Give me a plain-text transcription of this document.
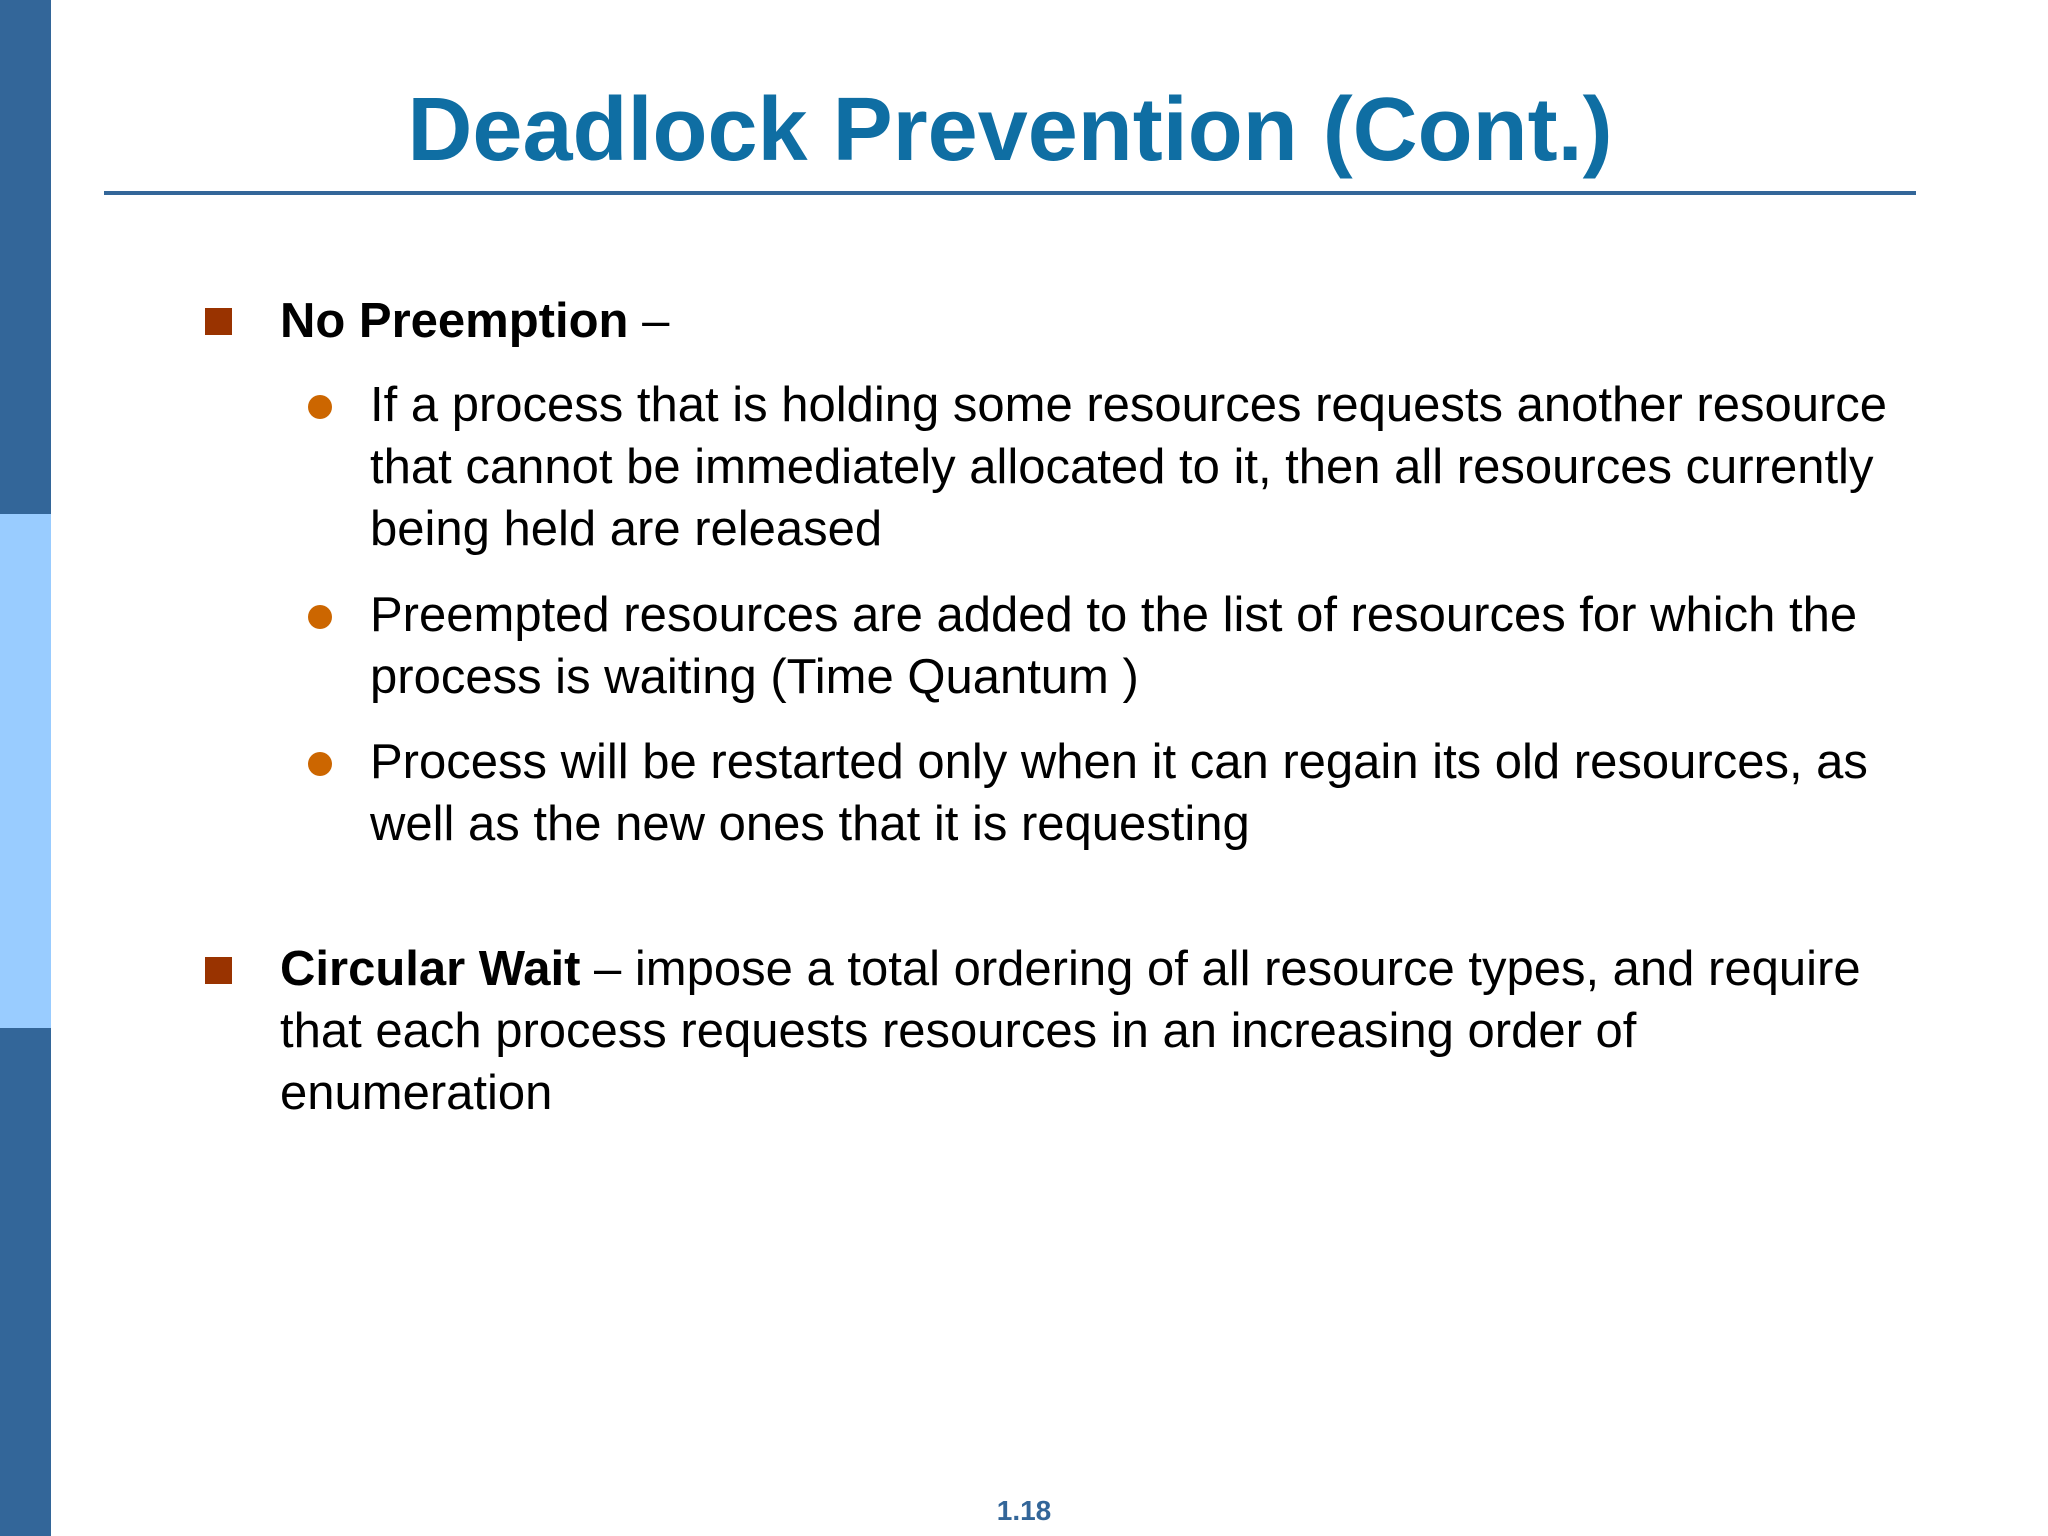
Deadlock Prevention (Cont.)
No Preemption –
If a process that is holding some resources requests another resource that cannot be immediately allocated to it, then all resources currently being held are released
Preempted resources are added to the list of resources for which the process is waiting (Time Quantum )
Process will be restarted only when it can regain its old resources, as well as the new ones that it is requesting
Circular Wait – impose a total ordering of all resource types, and require that each process requests resources in an increasing order of enumeration
1.18
